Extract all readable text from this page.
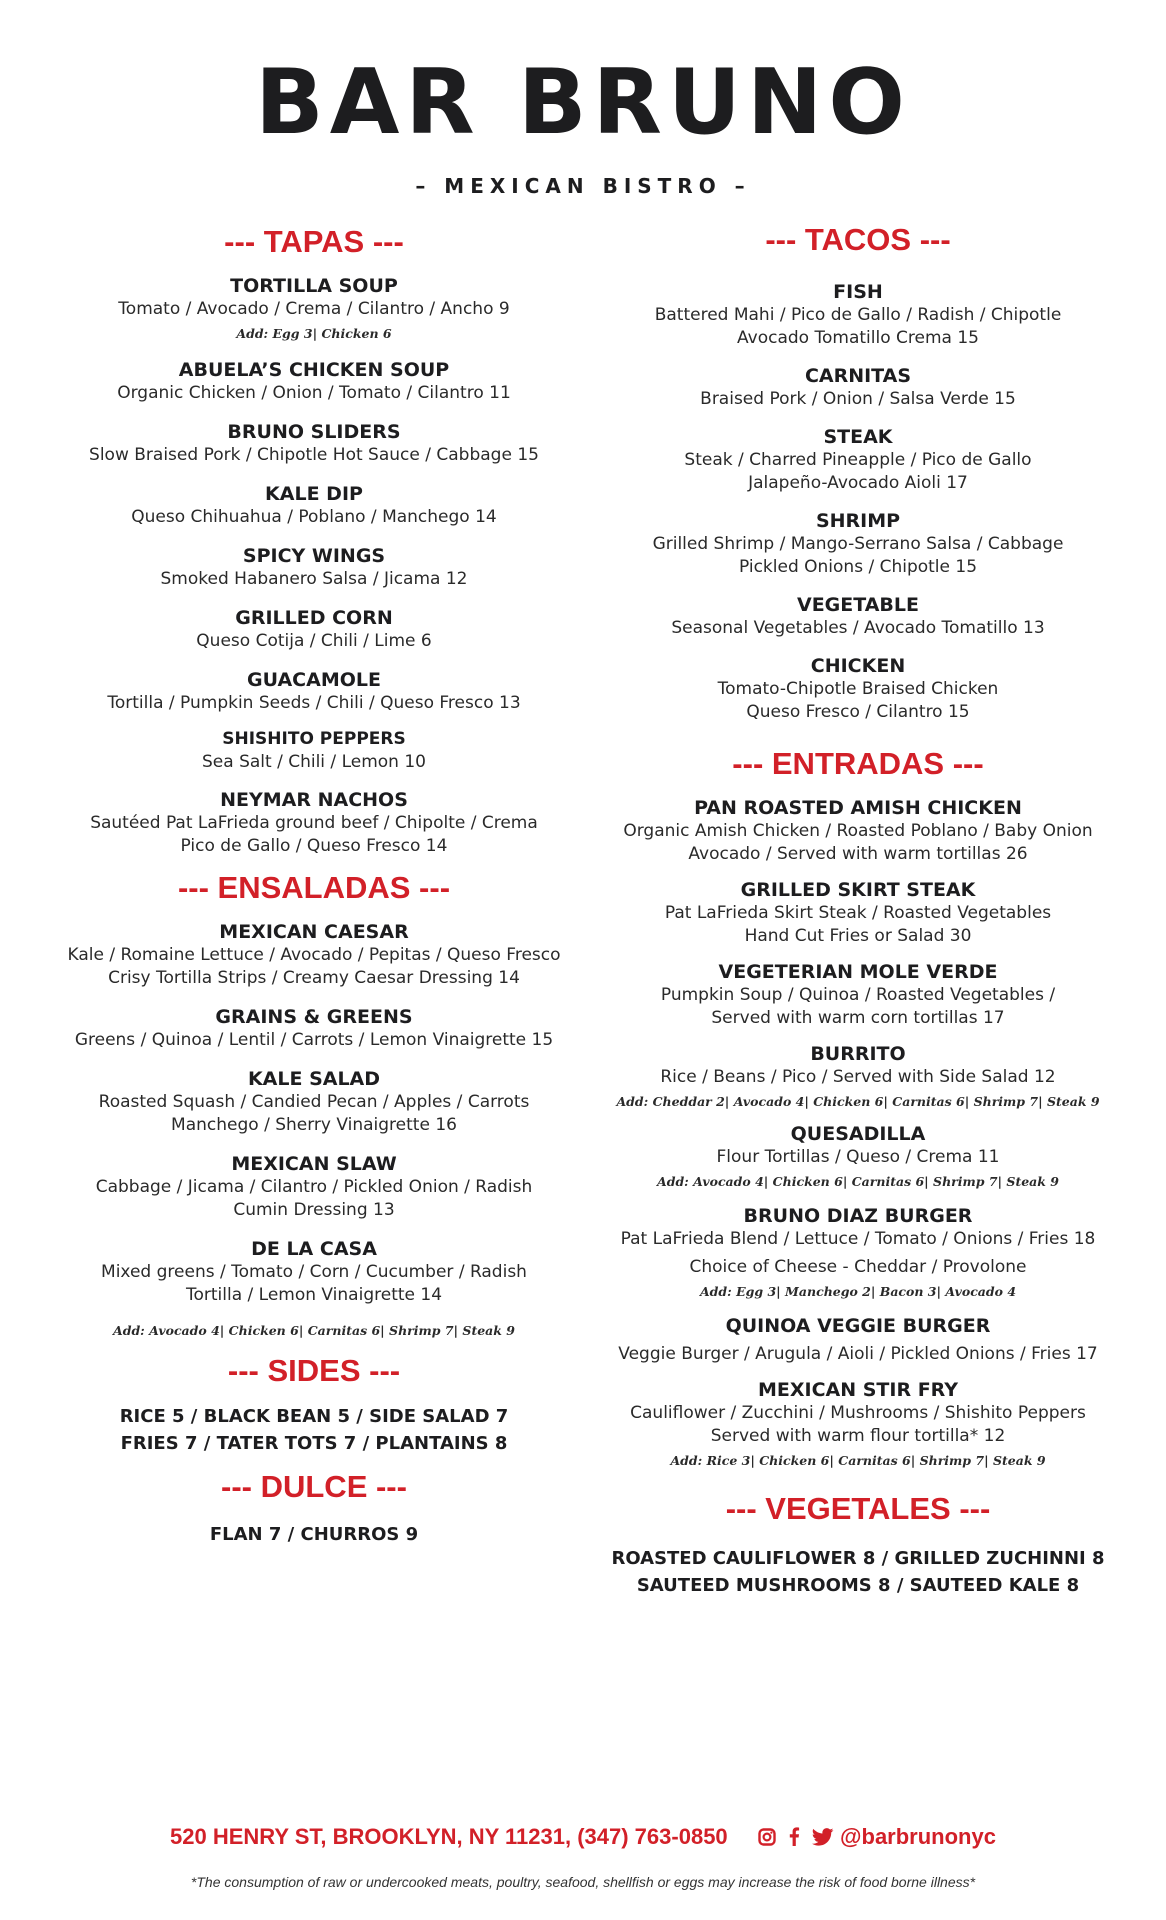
BAR BRUNO
– MEXICAN BISTRO –
--- TAPAS ---
TORTILLA SOUP
Tomato / Avocado / Crema / Cilantro / Ancho 9
Add: Egg 3| Chicken 6
ABUELA’S CHICKEN SOUP
Organic Chicken / Onion / Tomato / Cilantro 11
BRUNO SLIDERS
Slow Braised Pork / Chipotle Hot Sauce / Cabbage 15
KALE DIP
Queso Chihuahua / Poblano / Manchego 14
SPICY WINGS
Smoked Habanero Salsa / Jicama 12
GRILLED CORN
Queso Cotija / Chili / Lime 6
GUACAMOLE
Tortilla / Pumpkin Seeds / Chili / Queso Fresco 13
SHISHITO PEPPERS
Sea Salt / Chili / Lemon 10
NEYMAR NACHOS
Sautéed Pat LaFrieda ground beef / Chipolte / Crema
Pico de Gallo / Queso Fresco 14
--- ENSALADAS ---
MEXICAN CAESAR
Kale / Romaine Lettuce / Avocado / Pepitas / Queso Fresco
Crisy Tortilla Strips / Creamy Caesar Dressing 14
GRAINS & GREENS
Greens / Quinoa / Lentil / Carrots / Lemon Vinaigrette 15
KALE SALAD
Roasted Squash / Candied Pecan / Apples / Carrots
Manchego / Sherry Vinaigrette 16
MEXICAN SLAW
Cabbage / Jicama / Cilantro / Pickled Onion / Radish
Cumin Dressing 13
DE LA CASA
Mixed greens / Tomato / Corn / Cucumber / Radish
Tortilla / Lemon Vinaigrette 14
Add: Avocado 4| Chicken 6| Carnitas 6| Shrimp 7| Steak 9
--- SIDES ---
RICE 5 / BLACK BEAN 5 / SIDE SALAD 7
FRIES 7 / TATER TOTS 7 / PLANTAINS 8
--- DULCE ---
FLAN 7 / CHURROS 9
--- TACOS ---
FISH
Battered Mahi / Pico de Gallo / Radish / Chipotle
Avocado Tomatillo Crema 15
CARNITAS
Braised Pork / Onion / Salsa Verde 15
STEAK
Steak / Charred Pineapple / Pico de Gallo
Jalapeño-Avocado Aioli 17
SHRIMP
Grilled Shrimp / Mango-Serrano Salsa / Cabbage
Pickled Onions / Chipotle 15
VEGETABLE
Seasonal Vegetables / Avocado Tomatillo 13
CHICKEN
Tomato-Chipotle Braised Chicken
Queso Fresco / Cilantro 15
--- ENTRADAS ---
PAN ROASTED AMISH CHICKEN
Organic Amish Chicken / Roasted Poblano / Baby Onion
Avocado / Served with warm tortillas 26
GRILLED SKIRT STEAK
Pat LaFrieda Skirt Steak / Roasted Vegetables
Hand Cut Fries or Salad 30
VEGETERIAN MOLE VERDE
Pumpkin Soup / Quinoa / Roasted Vegetables /
Served with warm corn tortillas 17
BURRITO
Rice / Beans / Pico / Served with Side Salad 12
Add: Cheddar 2| Avocado 4| Chicken 6| Carnitas 6| Shrimp 7| Steak 9
QUESADILLA
Flour Tortillas / Queso / Crema 11
Add: Avocado 4| Chicken 6| Carnitas 6| Shrimp 7| Steak 9
BRUNO DIAZ BURGER
Pat LaFrieda Blend / Lettuce / Tomato / Onions / Fries 18
Choice of Cheese - Cheddar / Provolone
Add: Egg 3| Manchego 2| Bacon 3| Avocado 4
QUINOA VEGGIE BURGER
Veggie Burger / Arugula / Aioli / Pickled Onions / Fries 17
MEXICAN STIR FRY
Cauliflower / Zucchini / Mushrooms / Shishito Peppers
Served with warm flour tortilla* 12
Add: Rice 3| Chicken 6| Carnitas 6| Shrimp 7| Steak 9
--- VEGETALES ---
ROASTED CAULIFLOWER 8 / GRILLED ZUCHINNI 8
SAUTEED MUSHROOMS 8 / SAUTEED KALE 8
520 HENRY ST, BROOKLYN, NY 11231, (347) 763-0850	@barbrunonyc
*The consumption of raw or undercooked meats, poultry, seafood, shellfish or eggs may increase the risk of food borne illness*
